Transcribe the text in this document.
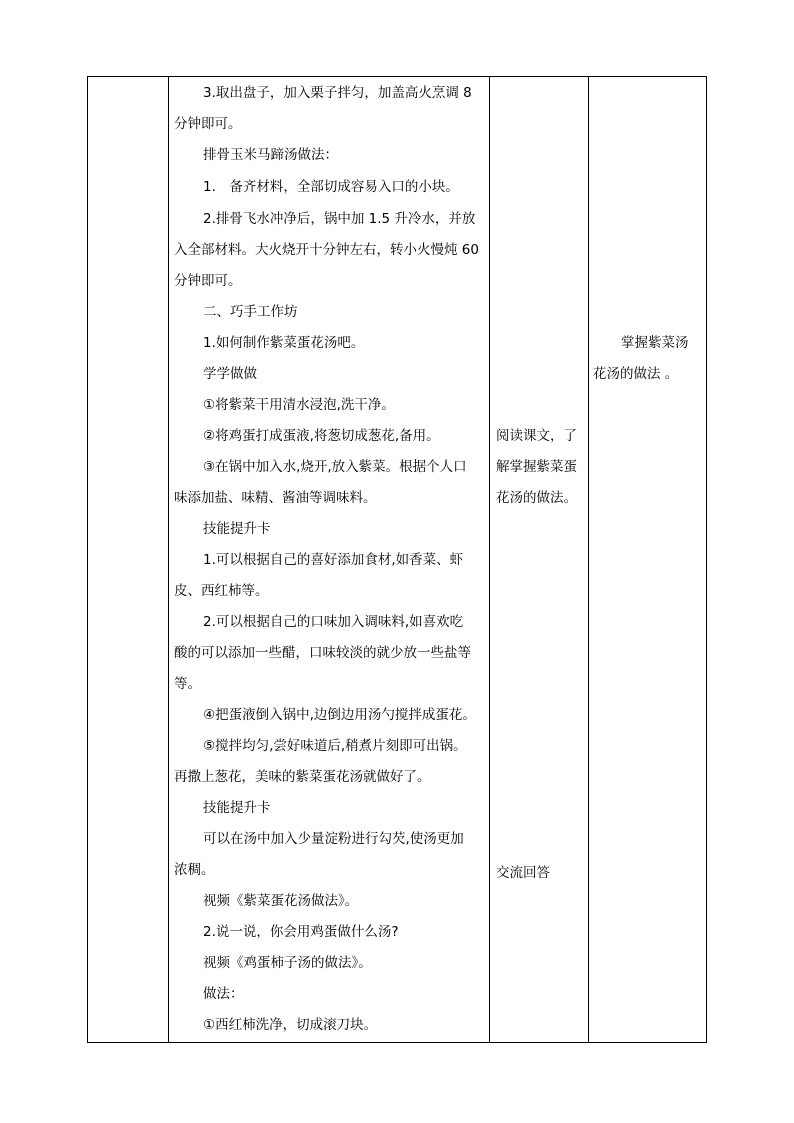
3.取出盘子，加入栗子拌匀，加盖高火烹调 8
分钟即可。
排骨玉米马蹄汤做法：
1.　备齐材料，全部切成容易入口的小块。
2.排骨飞水冲净后，锅中加 1.5 升冷水，并放
入全部材料。大火烧开十分钟左右，转小火慢炖 60
分钟即可。
二、巧手工作坊
1.如何制作紫菜蛋花汤吧。
学学做做
①将紫菜干用清水浸泡,洗干净。
②将鸡蛋打成蛋液,将葱切成葱花,备用。
③在锅中加入水,烧开,放入紫菜。根据个人口
味添加盐、味精、酱油等调味料。
技能提升卡
1.可以根据自己的喜好添加食材,如香菜、虾
皮、西红柿等。
2.可以根据自己的口味加入调味料,如喜欢吃
酸的可以添加一些醋，口味较淡的就少放一些盐等
等。
④把蛋液倒入锅中,边倒边用汤勺搅拌成蛋花。
⑤搅拌均匀,尝好味道后,稍煮片刻即可出锅。
再撒上葱花，美味的紫菜蛋花汤就做好了。
技能提升卡
可以在汤中加入少量淀粉进行勾芡,使汤更加
浓稠。
视频《紫菜蛋花汤做法》。
2.说一说，你会用鸡蛋做什么汤?
视频《鸡蛋柿子汤的做法》。
做法：
①西红柿洗净，切成滚刀块。
阅读课文，了
解掌握紫菜蛋
花汤的做法。
交流回答
掌握紫菜汤
花汤的做法 。
